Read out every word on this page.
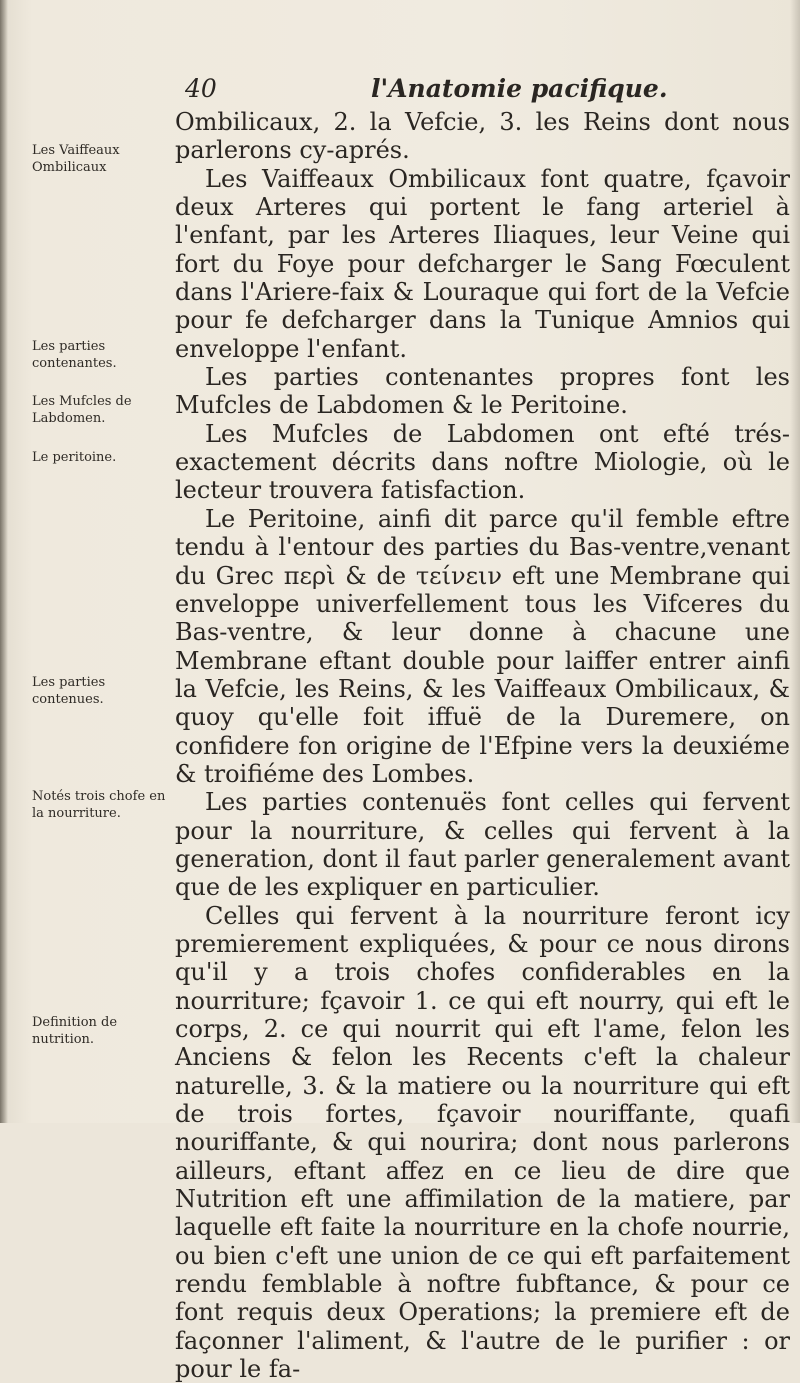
40	l'Anatomie pacifique.
Les Vaiffeaux Ombilicaux
Les parties contenantes.
Les Mufcles de Labdomen.
Le peritoine.
Les parties contenues.
Notés trois chofe en la nourriture.
Definition de nutrition.

Ombilicaux, 2. la Vefcie, 3. les Reins dont nous parlerons cy-aprés.

Les Vaiffeaux Ombilicaux font quatre, fçavoir deux Arteres qui portent le fang arteriel à l'enfant, par les Arteres Iliaques, leur Veine qui fort du Foye pour defcharger le Sang Fœculent dans l'Ariere-faix & Louraque qui fort de la Vefcie pour fe defcharger dans la Tunique Amnios qui enveloppe l'enfant.

Les parties contenantes propres font les Mufcles de Labdomen & le Peritoine.

Les Mufcles de Labdomen ont efté trés-exactement décrits dans noftre Miologie, où le lecteur trouvera fatisfaction.

Le Peritoine, ainfi dit parce qu'il femble eftre tendu à l'entour des parties du Bas-ventre,venant du Grec περὶ & de τείνειν eft une Membrane qui enveloppe univerfellement tous les Vifceres du Bas-ventre, & leur donne à chacune une Membrane eftant double pour laiffer entrer ainfi la Vefcie, les Reins, & les Vaiffeaux Ombilicaux, & quoy qu'elle foit iffuë de la Duremere, on confidere fon origine de l'Efpine vers la deuxiéme & troifiéme des Lombes.

Les parties contenuës font celles qui fervent pour la nourriture, & celles qui fervent à la generation, dont il faut parler generalement avant que de les expliquer en particulier.

Celles qui fervent à la nourriture feront icy premierement expliquées, & pour ce nous dirons qu'il y a trois chofes confiderables en la nourriture; fçavoir 1. ce qui eft nourry, qui eft le corps, 2. ce qui nourrit qui eft l'ame, felon les Anciens & felon les Recents c'eft la chaleur naturelle, 3. & la matiere ou la nourriture qui eft de trois fortes, fçavoir nouriffante, quafi nouriffante, & qui nourira; dont nous parlerons ailleurs, eftant affez en ce lieu de dire que Nutrition eft une affimilation de la matiere, par laquelle eft faite la nourriture en la chofe nourrie, ou bien c'eft une union de ce qui eft parfaitement rendu femblable à noftre fubftance, & pour ce font requis deux Operations; la premiere eft de façonner l'aliment, & l'autre de le purifier : or pour le fa-
